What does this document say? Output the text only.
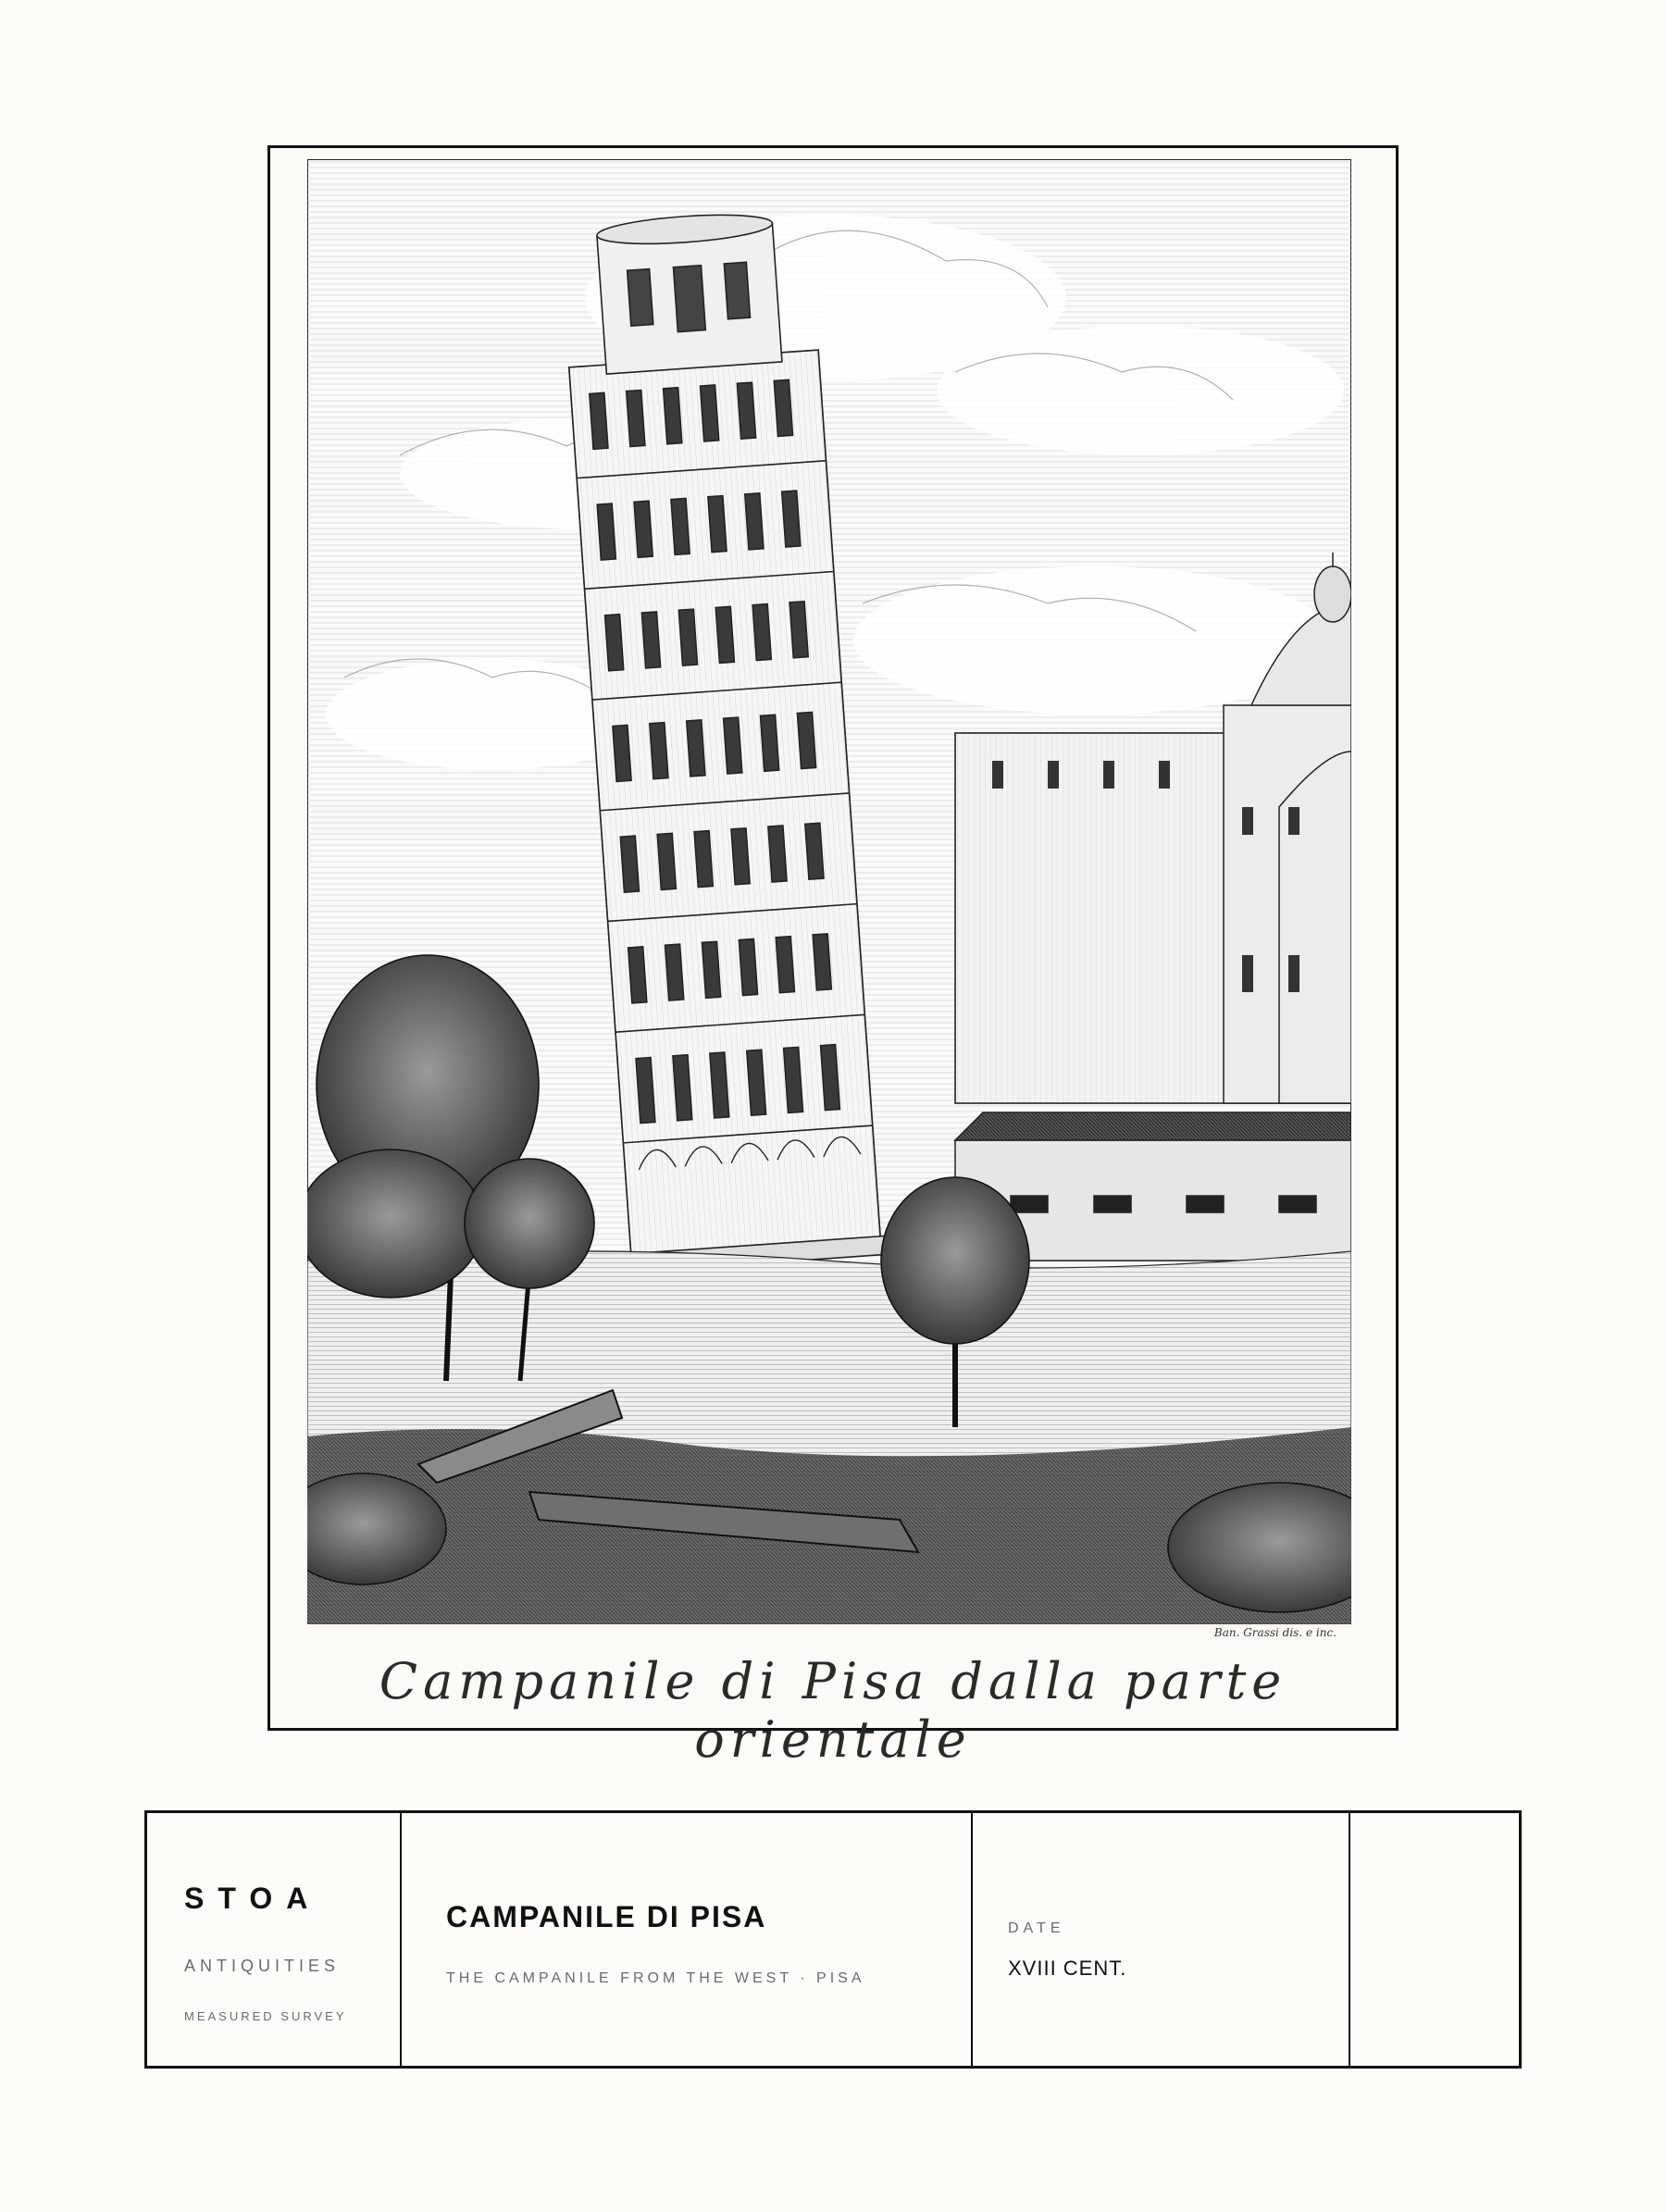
Ban. Grassi dis. e inc.
Campanile di Pisa dalla parte orientale
STOA
ANTIQUITIES
MEASURED SURVEY
CAMPANILE DI PISA
THE CAMPANILE FROM THE WEST · PISA
DATE
XVIII CENT.
